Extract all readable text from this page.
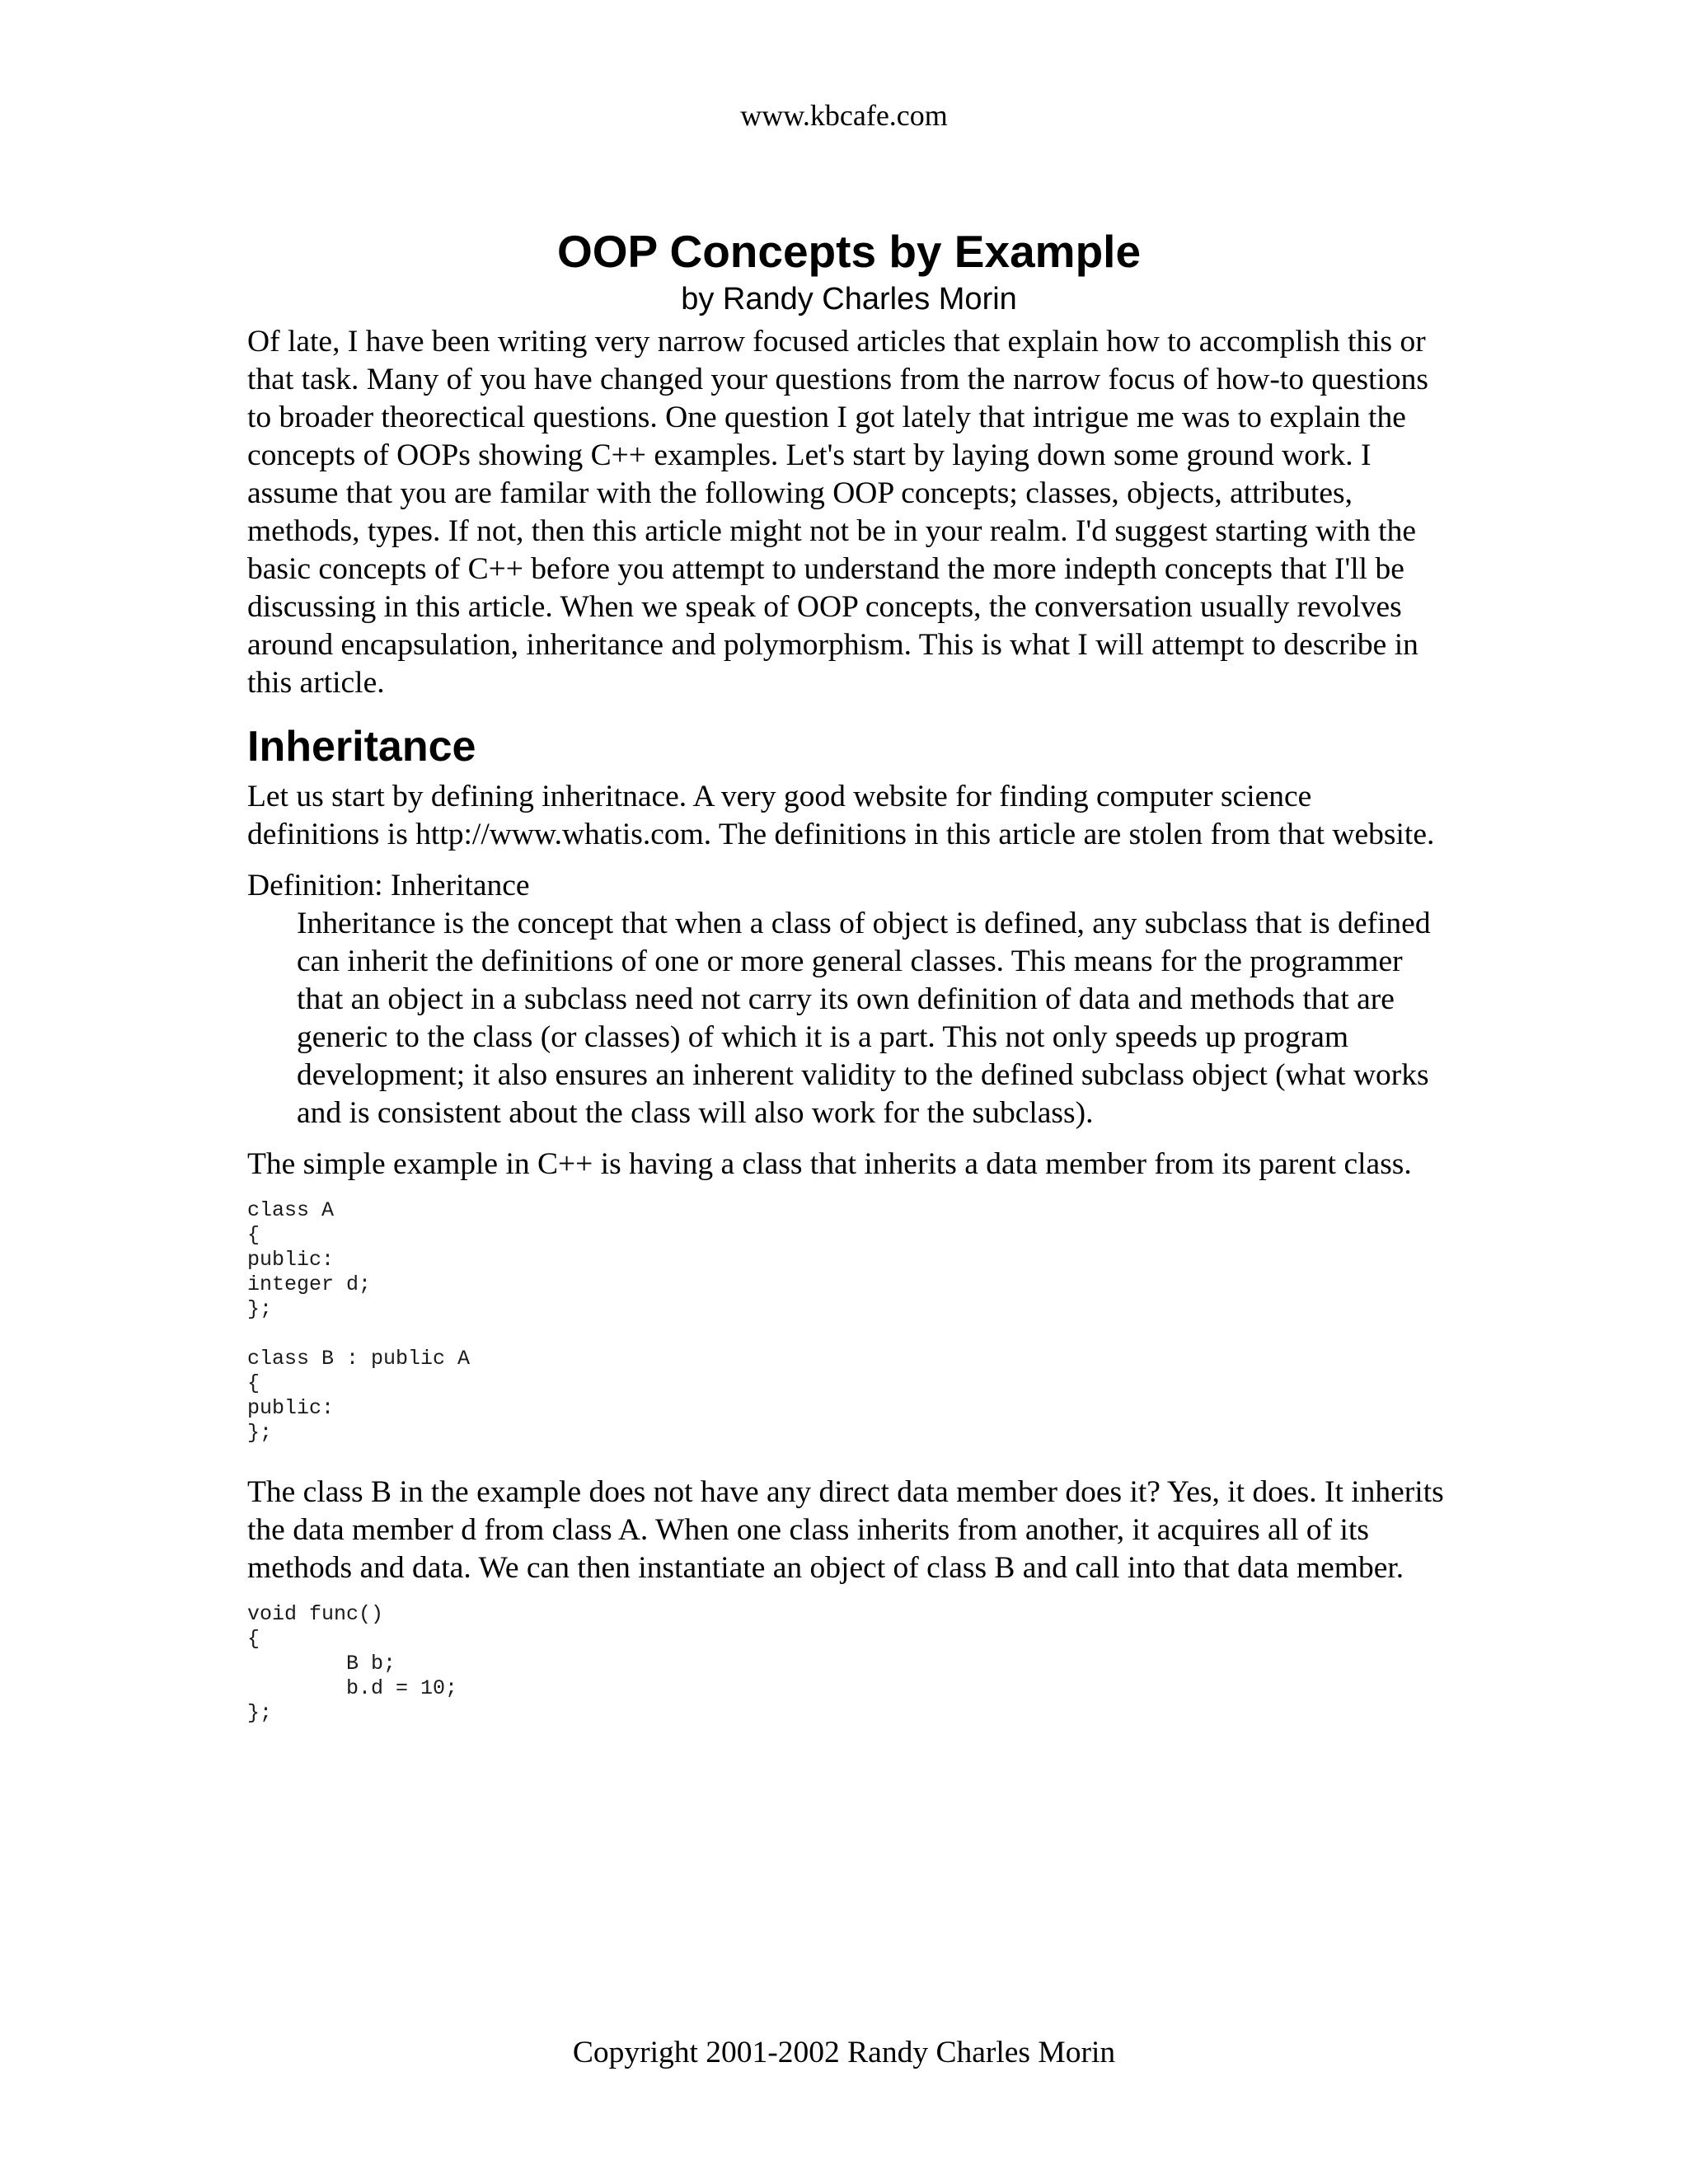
www.kbcafe.com
OOP Concepts by Example

by Randy Charles Morin

Of late, I have been writing very narrow focused articles that explain how to accomplish this or that task. Many of you have changed your questions from the narrow focus of how-to questions to broader theorectical questions. One question I got lately that intrigue me was to explain the concepts of OOPs showing C++ examples. Let's start by laying down some ground work. I assume that you are familar with the following OOP concepts; classes, objects, attributes, methods, types. If not, then this article might not be in your realm. I'd suggest starting with the basic concepts of C++ before you attempt to understand the more indepth concepts that I'll be discussing in this article. When we speak of OOP concepts, the conversation usually revolves around encapsulation, inheritance and polymorphism. This is what I will attempt to describe in this article.

Inheritance

Let us start by defining inheritnace. A very good website for finding computer science definitions is http://www.whatis.com. The definitions in this article are stolen from that website.

Definition: Inheritance

Inheritance is the concept that when a class of object is defined, any subclass that is defined can inherit the definitions of one or more general classes. This means for the programmer that an object in a subclass need not carry its own definition of data and methods that are generic to the class (or classes) of which it is a part. This not only speeds up program development; it also ensures an inherent validity to the defined subclass object (what works and is consistent about the class will also work for the subclass).

The simple example in C++ is having a class that inherits a data member from its parent class.

class A
{
public:
integer d;
};

class B : public A
{
public:
};

The class B in the example does not have any direct data member does it? Yes, it does. It inherits the data member d from class A. When one class inherits from another, it acquires all of its methods and data. We can then instantiate an object of class B and call into that data member.

void func()
{
	B b;
	b.d = 10;
};
Copyright 2001-2002 Randy Charles Morin
